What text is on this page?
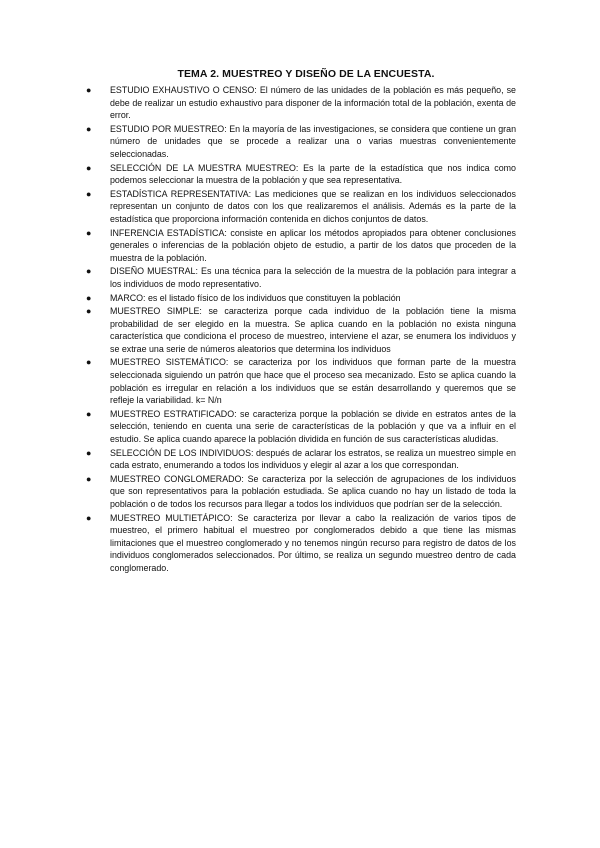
TEMA 2. MUESTREO Y DISEÑO DE LA ENCUESTA.
● ESTUDIO EXHAUSTIVO O CENSO: El número de las unidades de la población es más pequeño, se debe de realizar un estudio exhaustivo para disponer de la información total de la población, exenta de error.
● ESTUDIO POR MUESTREO: En la mayoría de las investigaciones, se considera que contiene un gran número de unidades que se procede a realizar una o varias muestras convenientemente seleccionadas.
● SELECCIÓN DE LA MUESTRA MUESTREO: Es la parte de la estadística que nos indica como podemos seleccionar la muestra de la población y que sea representativa.
● ESTADÍSTICA REPRESENTATIVA: Las mediciones que se realizan en los individuos seleccionados representan un conjunto de datos con los que realizaremos el análisis. Además es la parte de la estadística que proporciona información contenida en dichos conjuntos de datos.
● INFERENCIA ESTADÍSTICA: consiste en aplicar los métodos apropiados para obtener conclusiones generales o inferencias de la población objeto de estudio, a partir de los datos que proceden de la muestra de la población.
● DISEÑO MUESTRAL: Es una técnica para la selección de la muestra de la población para integrar a los individuos de modo representativo.
● MARCO: es el listado físico de los individuos que constituyen la población
● MUESTREO SIMPLE: se caracteriza porque cada individuo de la población tiene la misma probabilidad de ser elegido en la muestra. Se aplica cuando en la población no exista ninguna característica que condiciona el proceso de muestreo, interviene el azar, se enumera los individuos y se extrae una serie de números aleatorios que determina los individuos
● MUESTREO SISTEMÁTICO: se caracteriza por los individuos que forman parte de la muestra seleccionada siguiendo un patrón que hace que el proceso sea mecanizado. Esto se aplica cuando la población es irregular en relación a los individuos que se están desarrollando y queremos que se refleje la variabilidad. k= N/n
● MUESTREO ESTRATIFICADO: se caracteriza porque la población se divide en estratos antes de la selección, teniendo en cuenta una serie de características de la población y que va a influir en el estudio. Se aplica cuando aparece la población dividida en función de sus características aludidas.
● SELECCIÓN DE LOS INDIVIDUOS: después de aclarar los estratos, se realiza un muestreo simple en cada estrato, enumerando a todos los individuos y elegir al azar a los que correspondan.
● MUESTREO CONGLOMERADO: Se caracteriza por la selección de agrupaciones de los individuos que son representativos para la población estudiada. Se aplica cuando no hay un listado de toda la población o de todos los recursos para llegar a todos los individuos que podrían ser de la selección.
● MUESTREO MULTIETÁPICO: Se caracteriza por llevar a cabo la realización de varios tipos de muestreo, el primero habitual el muestreo por conglomerados debido a que tiene las mismas limitaciones que el muestreo conglomerado y no tenemos ningún recurso para registro de datos de los individuos conglomerados seleccionados. Por último, se realiza un segundo muestreo dentro de cada conglomerado.
